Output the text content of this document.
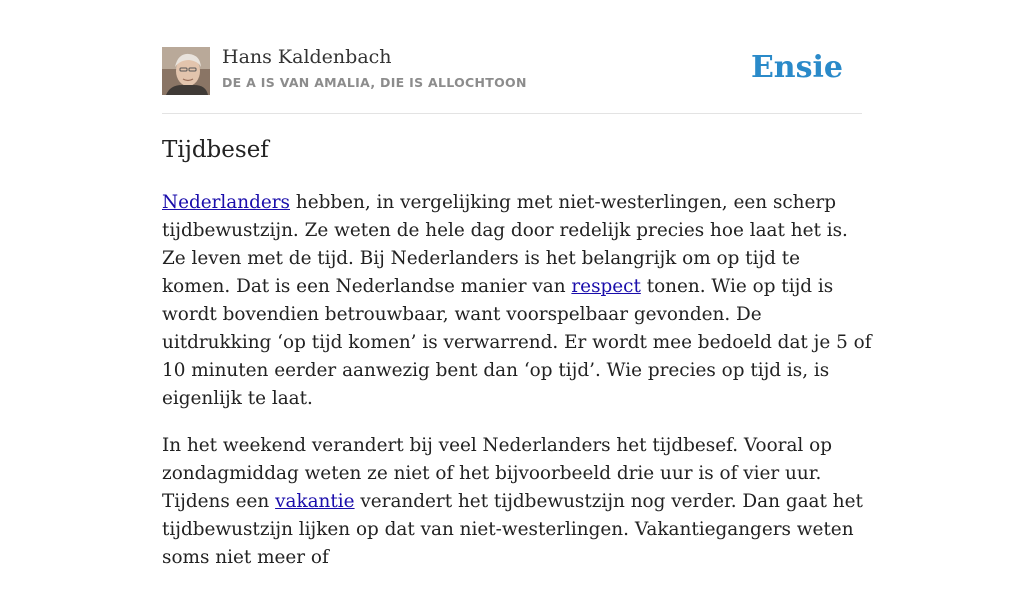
Hans Kaldenbach
DE A IS VAN AMALIA, DIE IS ALLOCHTOON	Ensie
Tijdbesef

Nederlanders hebben, in vergelijking met niet-westerlingen, een scherp tijdbewustzijn. Ze weten de hele dag door redelijk precies hoe laat het is. Ze leven met de tijd. Bij Nederlanders is het belangrijk om op tijd te komen. Dat is een Nederlandse manier van respect tonen. Wie op tijd is wordt bovendien betrouwbaar, want voorspelbaar gevonden. De uitdrukking ‘op tijd komen’ is verwarrend. Er wordt mee bedoeld dat je 5 of 10 minuten eerder aanwezig bent dan ‘op tijd’. Wie precies op tijd is, is eigenlijk te laat.

In het weekend verandert bij veel Nederlanders het tijdbesef. Vooral op zondagmiddag weten ze niet of het bijvoorbeeld drie uur is of vier uur. Tijdens een vakantie verandert het tijdbewustzijn nog verder. Dan gaat het tijdbewustzijn lijken op dat van niet-westerlingen. Vakantiegangers weten soms niet meer of
